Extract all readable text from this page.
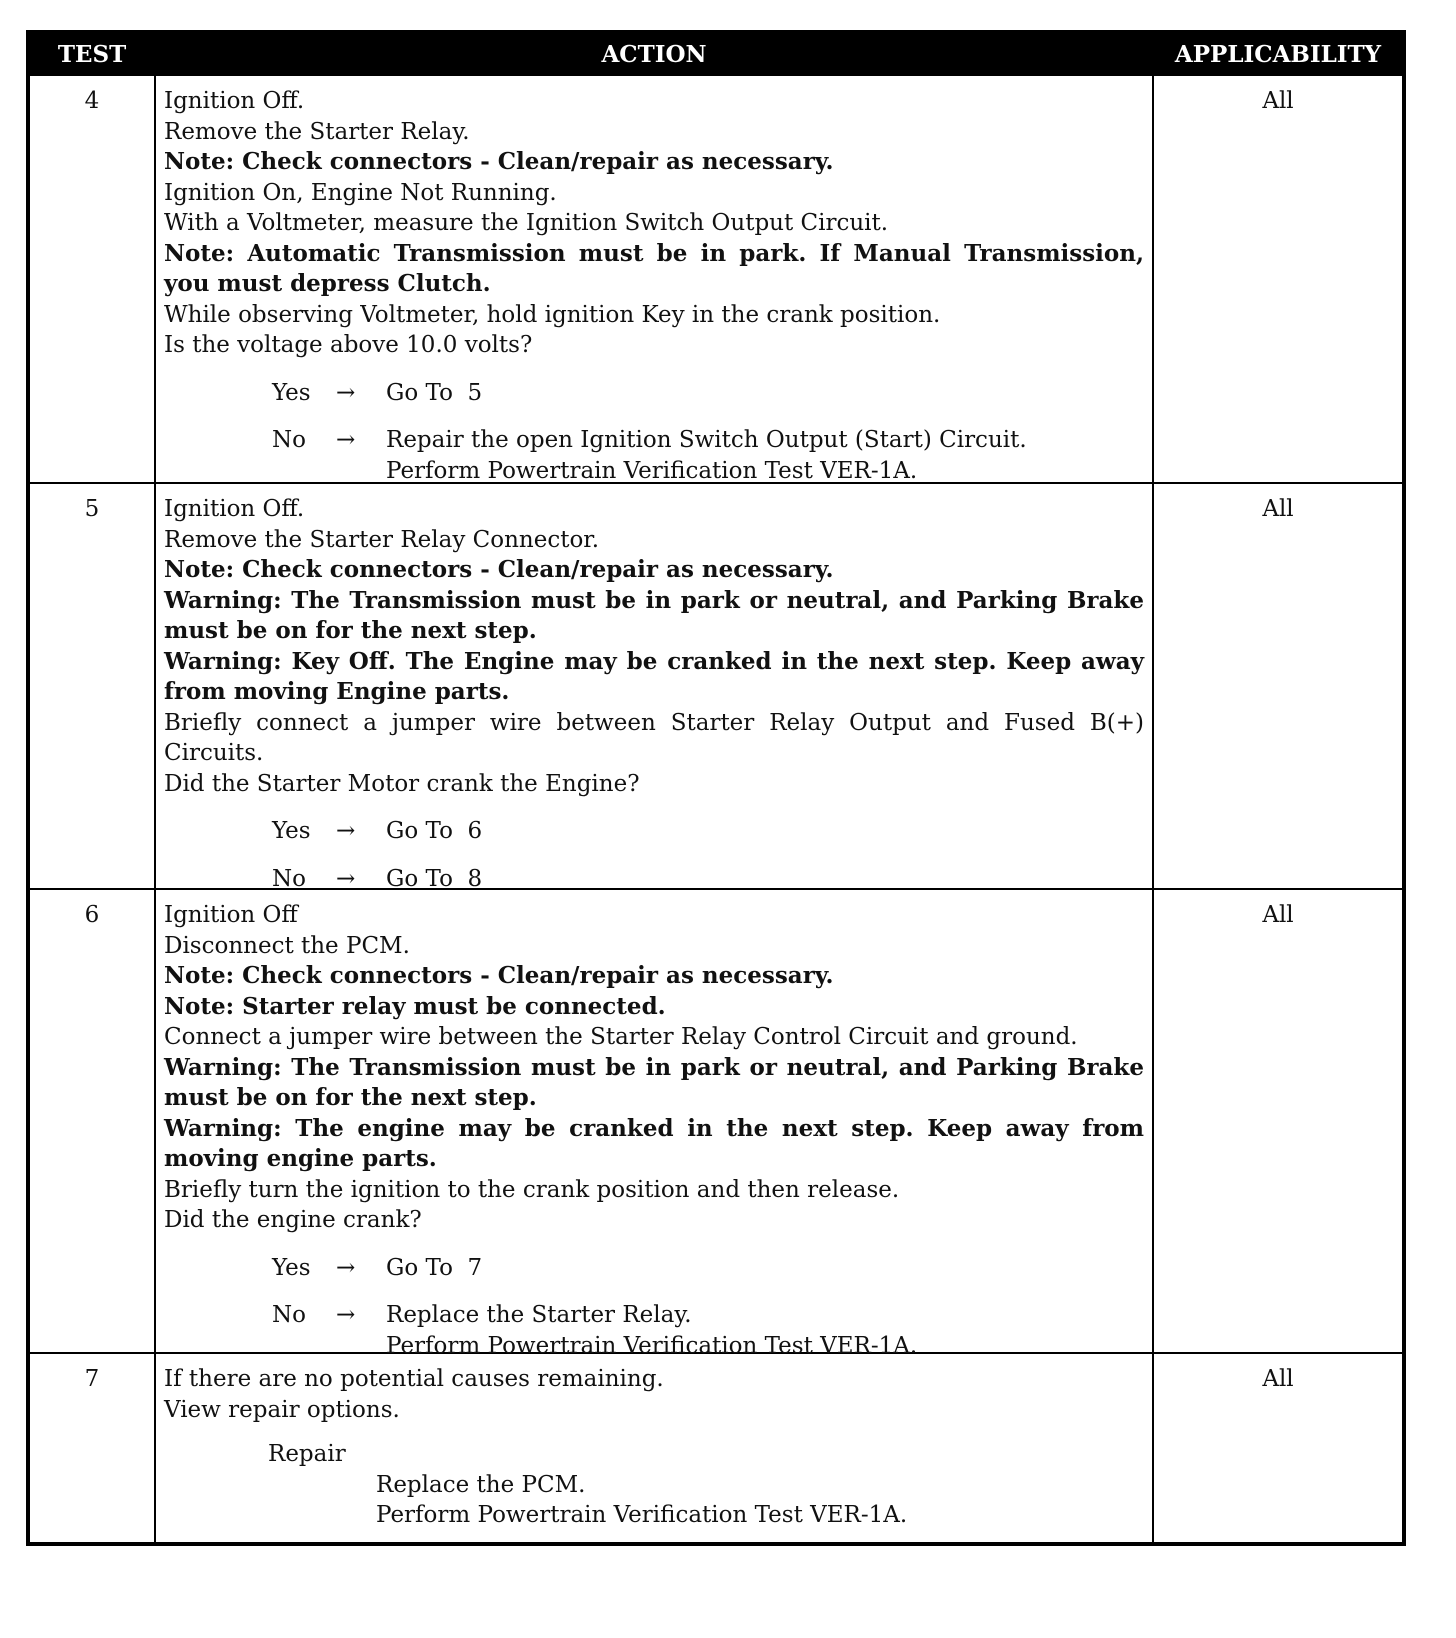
TEST	ACTION	APPLICABILITY
4	Ignition Off.
Remove the Starter Relay.
Note: Check connectors - Clean/repair as necessary.
Ignition On, Engine Not Running.
With a Voltmeter, measure the Ignition Switch Output Circuit.
Note: Automatic Transmission must be in park. If Manual Transmission, you must depress Clutch.
While observing Voltmeter, hold ignition Key in the crank position.
Is the voltage above 10.0 volts?
Yes	→	Go To  5
No	→	Repair the open Ignition Switch Output (Start) Circuit.
Perform Powertrain Verification Test VER-1A.
All
5	Ignition Off.
Remove the Starter Relay Connector.
Note: Check connectors - Clean/repair as necessary.
Warning: The Transmission must be in park or neutral, and Parking Brake must be on for the next step.
Warning: Key Off. The Engine may be cranked in the next step. Keep away from moving Engine parts.
Briefly connect a jumper wire between Starter Relay Output and Fused B(+) Circuits.
Did the Starter Motor crank the Engine?
Yes	→	Go To  6
No	→	Go To  8
All
6	Ignition Off
Disconnect the PCM.
Note: Check connectors - Clean/repair as necessary.
Note: Starter relay must be connected.
Connect a jumper wire between the Starter Relay Control Circuit and ground.
Warning: The Transmission must be in park or neutral, and Parking Brake must be on for the next step.
Warning: The engine may be cranked in the next step. Keep away from moving engine parts.
Briefly turn the ignition to the crank position and then release.
Did the engine crank?
Yes	→	Go To  7
No	→	Replace the Starter Relay.
Perform Powertrain Verification Test VER-1A.
All
7	If there are no potential causes remaining.
View repair options.
Repair
Replace the PCM.
Perform Powertrain Verification Test VER-1A.
All
